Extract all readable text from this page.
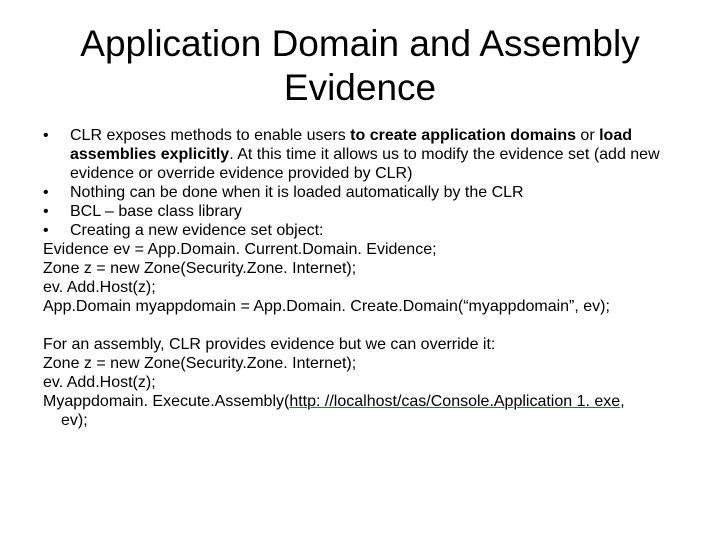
Application Domain and Assembly
Evidence
•	CLR exposes methods to enable users to create application domains or load assemblies explicitly. At this time it allows us to modify the evidence set (add new evidence or override evidence provided by CLR)
•	Nothing can be done when it is loaded automatically by the CLR
•	BCL – base class library
•	Creating a new evidence set object:
Evidence ev = App.Domain. Current.Domain. Evidence;
Zone z = new Zone(Security.Zone. Internet);
ev. Add.Host(z);
App.Domain myappdomain = App.Domain. Create.Domain(“myappdomain”, ev);
For an assembly, CLR provides evidence but we can override it:
Zone z = new Zone(Security.Zone. Internet);
ev. Add.Host(z);
Myappdomain. Execute.Assembly(http: //localhost/cas/Console.Application 1. exe,
ev);
